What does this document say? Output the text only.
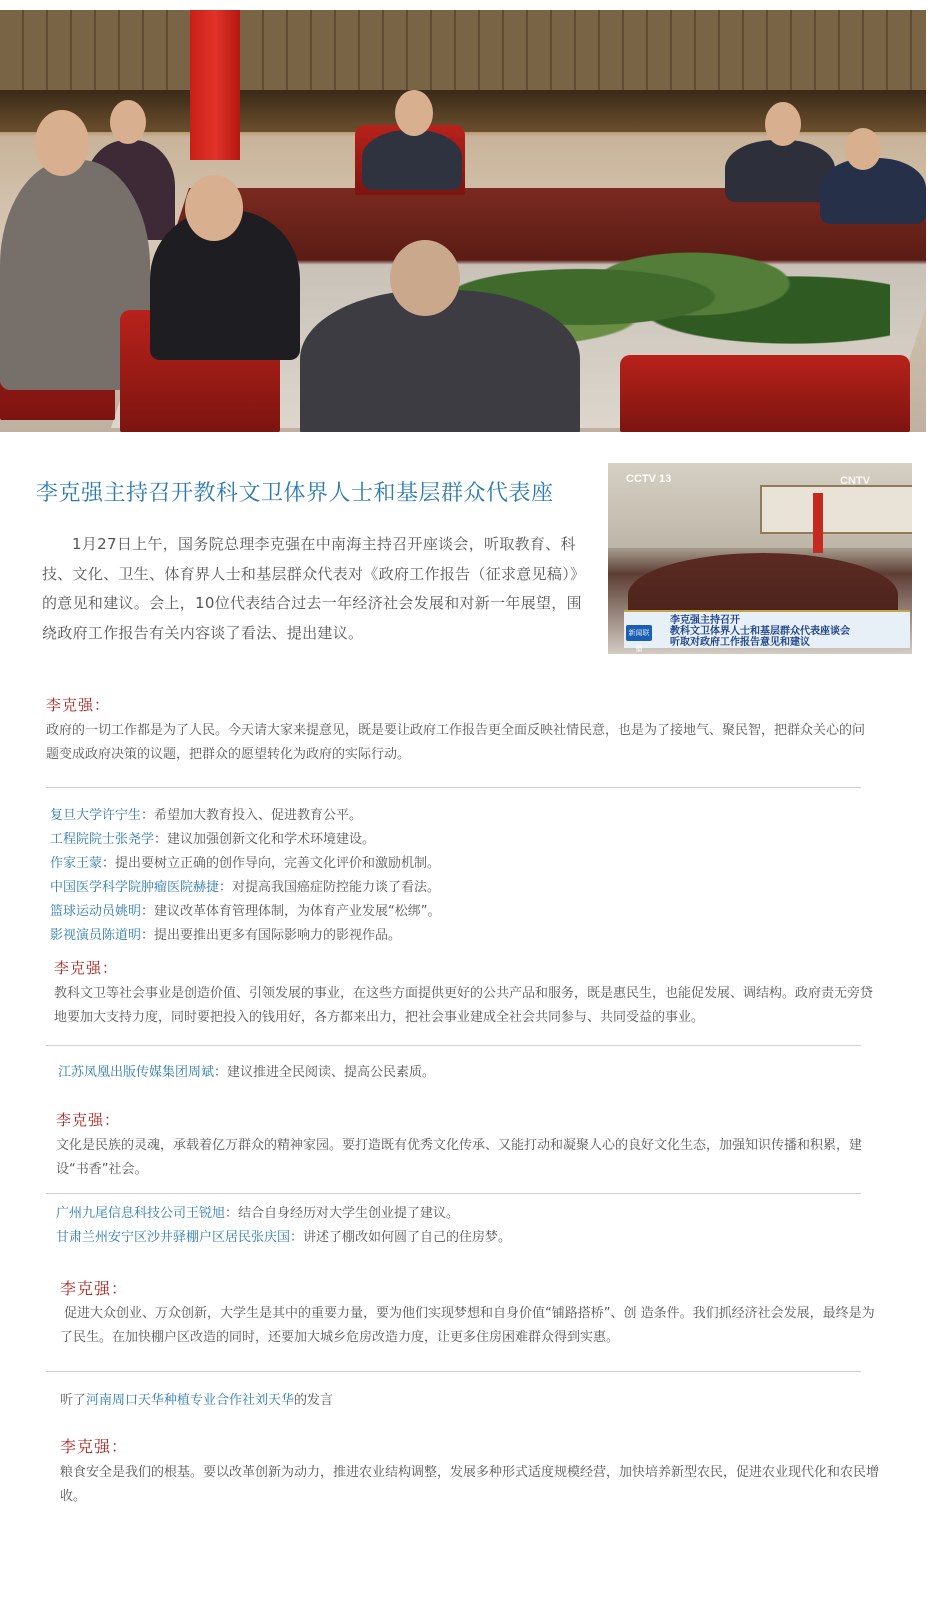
李克强主持召开教科文卫体界人士和基层群众代表座
1月27日上午，国务院总理李克强在中南海主持召开座谈会，听取教育、科技、文化、卫生、体育界人士和基层群众代表对《政府工作报告（征求意见稿）》的意见和建议。会上，10位代表结合过去一年经济社会发展和对新一年展望，围绕政府工作报告有关内容谈了看法、提出建议。
CCTV 13	CNTV
新闻联播
李克强主持召开
教科文卫体界人士和基层群众代表座谈会
听取对政府工作报告意见和建议
李克强：
政府的一切工作都是为了人民。今天请大家来提意见，既是要让政府工作报告更全面反映社情民意，也是为了接地气、聚民智，把群众关心的问题变成政府决策的议题，把群众的愿望转化为政府的实际行动。
复旦大学许宁生：希望加大教育投入、促进教育公平。
工程院院士张尧学：建议加强创新文化和学术环境建设。
作家王蒙：提出要树立正确的创作导向，完善文化评价和激励机制。
中国医学科学院肿瘤医院赫捷：对提高我国癌症防控能力谈了看法。
篮球运动员姚明：建议改革体育管理体制，为体育产业发展“松绑”。
影视演员陈道明：提出要推出更多有国际影响力的影视作品。
李克强：
教科文卫等社会事业是创造价值、引领发展的事业，在这些方面提供更好的公共产品和服务，既是惠民生，也能促发展、调结构。政府责无旁贷地要加大支持力度，同时要把投入的钱用好，各方都来出力，把社会事业建成全社会共同参与、共同受益的事业。
江苏凤凰出版传媒集团周斌：建议推进全民阅读、提高公民素质。
李克强：
文化是民族的灵魂，承载着亿万群众的精神家园。要打造既有优秀文化传承、又能打动和凝聚人心的良好文化生态，加强知识传播和积累，建设“书香”社会。
广州九尾信息科技公司王锐旭：结合自身经历对大学生创业提了建议。
甘肃兰州安宁区沙井驿棚户区居民张庆国：讲述了棚改如何圆了自己的住房梦。
李克强：
促进大众创业、万众创新，大学生是其中的重要力量，要为他们实现梦想和自身价值“铺路搭桥”、创 造条件。我们抓经济社会发展，最终是为了民生。在加快棚户区改造的同时，还要加大城乡危房改造力度，让更多住房困难群众得到实惠。
听了河南周口天华种植专业合作社刘天华的发言
李克强：
粮食安全是我们的根基。要以改革创新为动力，推进农业结构调整，发展多种形式适度规模经营，加快培养新型农民，促进农业现代化和农民增收。
